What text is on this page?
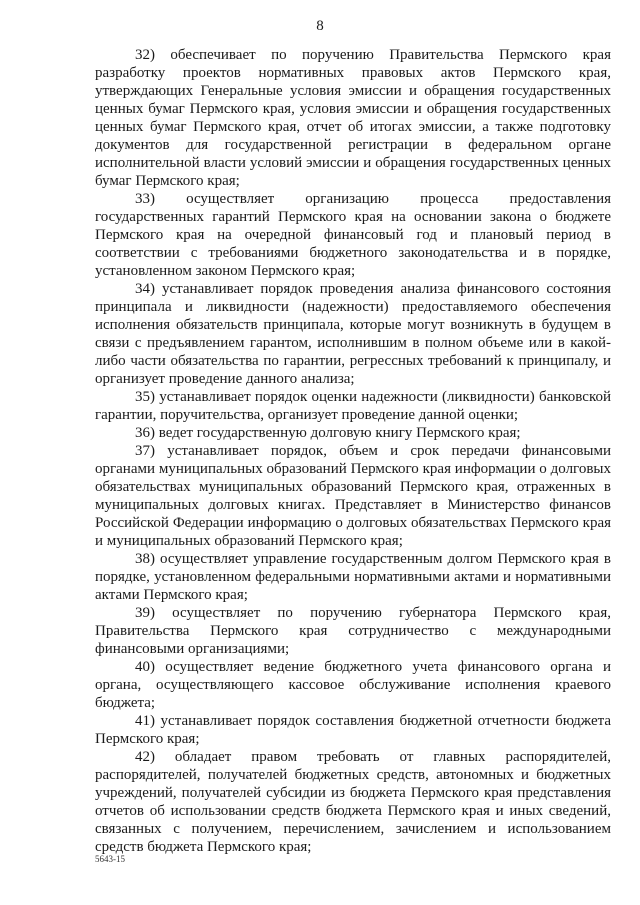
8

32) обеспечивает по поручению Правительства Пермского края разработку проектов нормативных правовых актов Пермского края, утверждающих Генеральные условия эмиссии и обращения государственных ценных бумаг Пермского края, условия эмиссии и обращения государственных ценных бумаг Пермского края, отчет об итогах эмиссии, а также подготовку документов для государственной регистрации в федеральном органе исполнительной власти условий эмиссии и обращения государственных ценных бумаг Пермского края;

33) осуществляет организацию процесса предоставления государственных гарантий Пермского края на основании закона о бюджете Пермского края на очередной финансовый год и плановый период в соответствии с требованиями бюджетного законодательства и в порядке, установленном законом Пермского края;

34) устанавливает порядок проведения анализа финансового состояния принципала и ликвидности (надежности) предоставляемого обеспечения исполнения обязательств принципала, которые могут возникнуть в будущем в связи с предъявлением гарантом, исполнившим в полном объеме или в какой-либо части обязательства по гарантии, регрессных требований к принципалу, и организует проведение данного анализа;

35) устанавливает порядок оценки надежности (ликвидности) банковской гарантии, поручительства, организует проведение данной оценки;

36) ведет государственную долговую книгу Пермского края;

37) устанавливает порядок, объем и срок передачи финансовыми органами муниципальных образований Пермского края информации о долговых обязательствах муниципальных образований Пермского края, отраженных в муниципальных долговых книгах. Представляет в Министерство финансов Российской Федерации информацию о долговых обязательствах Пермского края и муниципальных образований Пермского края;

38) осуществляет управление государственным долгом Пермского края в порядке, установленном федеральными нормативными актами и нормативными актами Пермского края;

39) осуществляет по поручению губернатора Пермского края, Правительства Пермского края сотрудничество с международными финансовыми организациями;

40) осуществляет ведение бюджетного учета финансового органа и органа, осуществляющего кассовое обслуживание исполнения краевого бюджета;

41) устанавливает порядок составления бюджетной отчетности бюджета Пермского края;

42) обладает правом требовать от главных распорядителей, распорядителей, получателей бюджетных средств, автономных и бюджетных учреждений, получателей субсидии из бюджета Пермского края представления отчетов об использовании средств бюджета Пермского края и иных сведений, связанных с получением, перечислением, зачислением и использованием средств бюджета Пермского края;

5643-15
